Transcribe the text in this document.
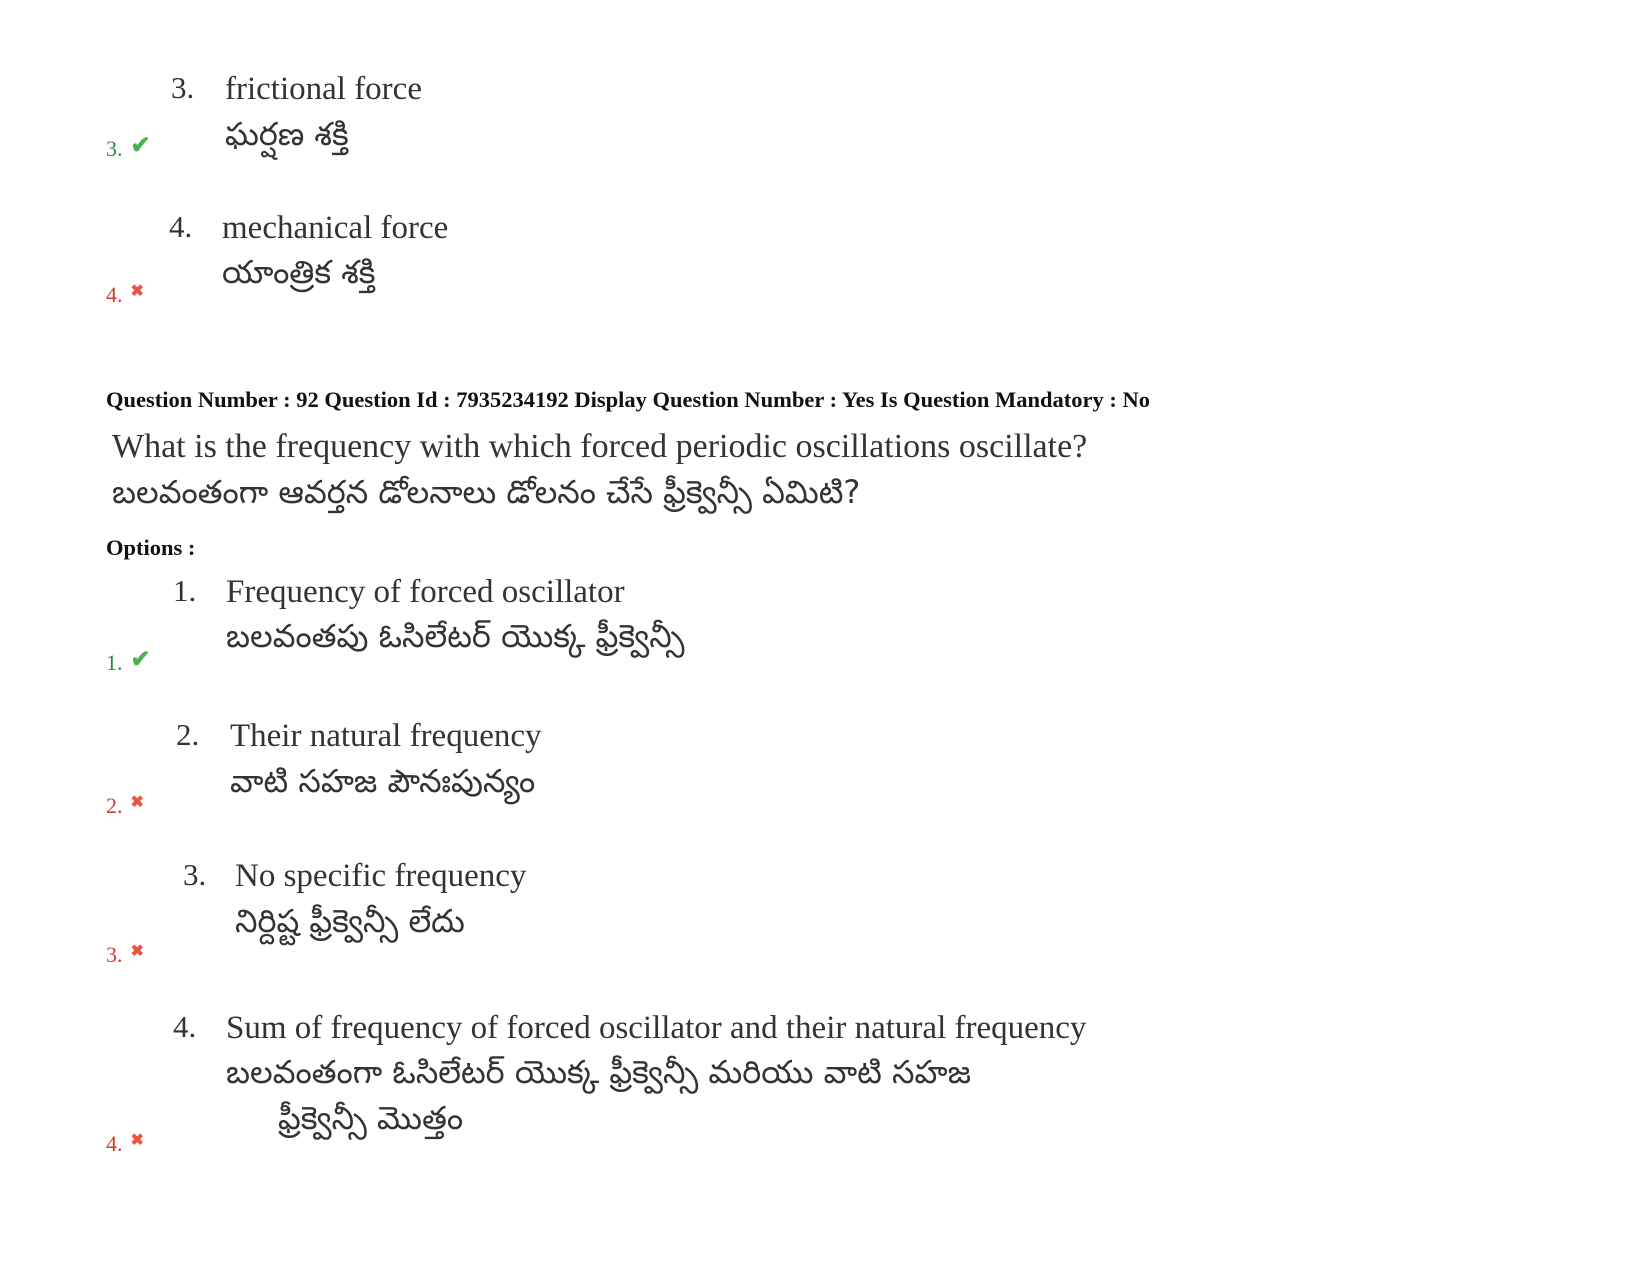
3. frictional force
ఘర్షణ శక్తి
3. ✔
4. mechanical force
యాంత్రిక శక్తి
4. ✖
Question Number : 92 Question Id : 7935234192 Display Question Number : Yes Is Question Mandatory : No
What is the frequency with which forced periodic oscillations oscillate?
బలవంతంగా ఆవర్తన డోలనాలు డోలనం చేసే ఫ్రీక్వెన్సీ ఏమిటి?
Options :
1. Frequency of forced oscillator
బలవంతపు ఓసిలేటర్ యొక్క ఫ్రీక్వెన్సీ
1. ✔
2. Their natural frequency
వాటి సహజ పౌనఃపున్యం
2. ✖
3. No specific frequency
నిర్దిష్ట ఫ్రీక్వెన్సీ లేదు
3. ✖
4. Sum of frequency of forced oscillator and their natural frequency
బలవంతంగా ఓసిలేటర్ యొక్క ఫ్రీక్వెన్సీ మరియు వాటి సహజ
ఫ్రీక్వెన్సీ మొత్తం
4. ✖
